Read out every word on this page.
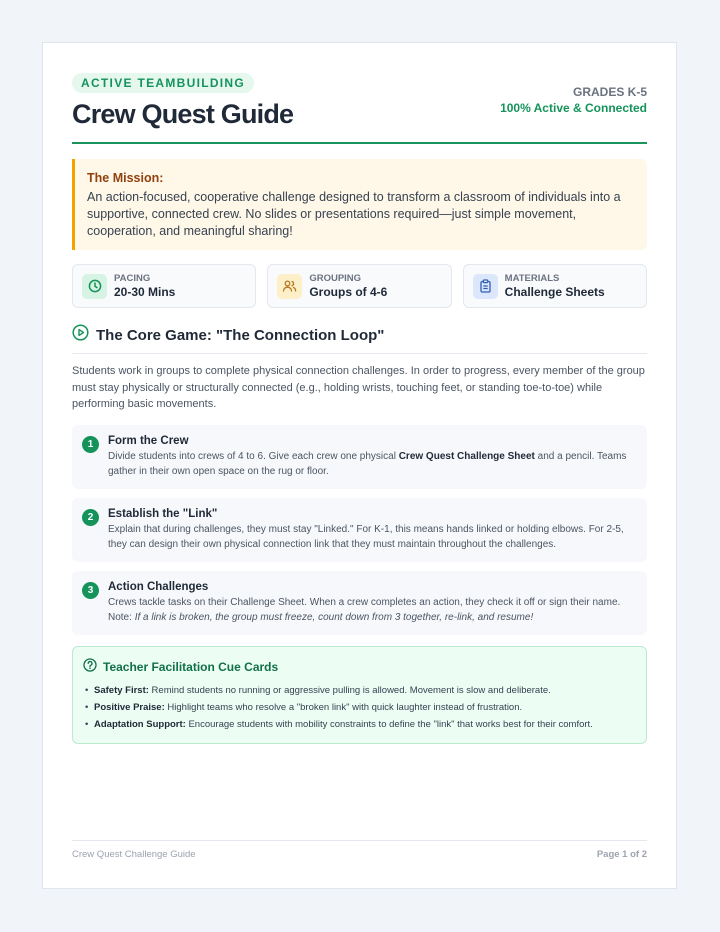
ACTIVE TEAMBUILDING
Crew Quest Guide
GRADES K-5
100% Active & Connected
The Mission:
An action-focused, cooperative challenge designed to transform a classroom of individuals into a supportive, connected crew. No slides or presentations required—just simple movement, cooperation, and meaningful sharing!
PACING
20-30 Mins
GROUPING
Groups of 4-6
MATERIALS
Challenge Sheets
The Core Game: "The Connection Loop"
Students work in groups to complete physical connection challenges. In order to progress, every member of the group must stay physically or structurally connected (e.g., holding wrists, touching feet, or standing toe-to-toe) while performing basic movements.
1	Form the Crew
Divide students into crews of 4 to 6. Give each crew one physical Crew Quest Challenge Sheet and a pencil. Teams gather in their own open space on the rug or floor.
2	Establish the "Link"
Explain that during challenges, they must stay "Linked." For K-1, this means hands linked or holding elbows. For 2-5, they can design their own physical connection link that they must maintain throughout the challenges.
3	Action Challenges
Crews tackle tasks on their Challenge Sheet. When a crew completes an action, they check it off or sign their name.
Note: If a link is broken, the group must freeze, count down from 3 together, re-link, and resume!
Teacher Facilitation Cue Cards
• Safety First: Remind students no running or aggressive pulling is allowed. Movement is slow and deliberate.
• Positive Praise: Highlight teams who resolve a "broken link" with quick laughter instead of frustration.
• Adaptation Support: Encourage students with mobility constraints to define the "link" that works best for their comfort.
Crew Quest Challenge Guide	Page 1 of 2
